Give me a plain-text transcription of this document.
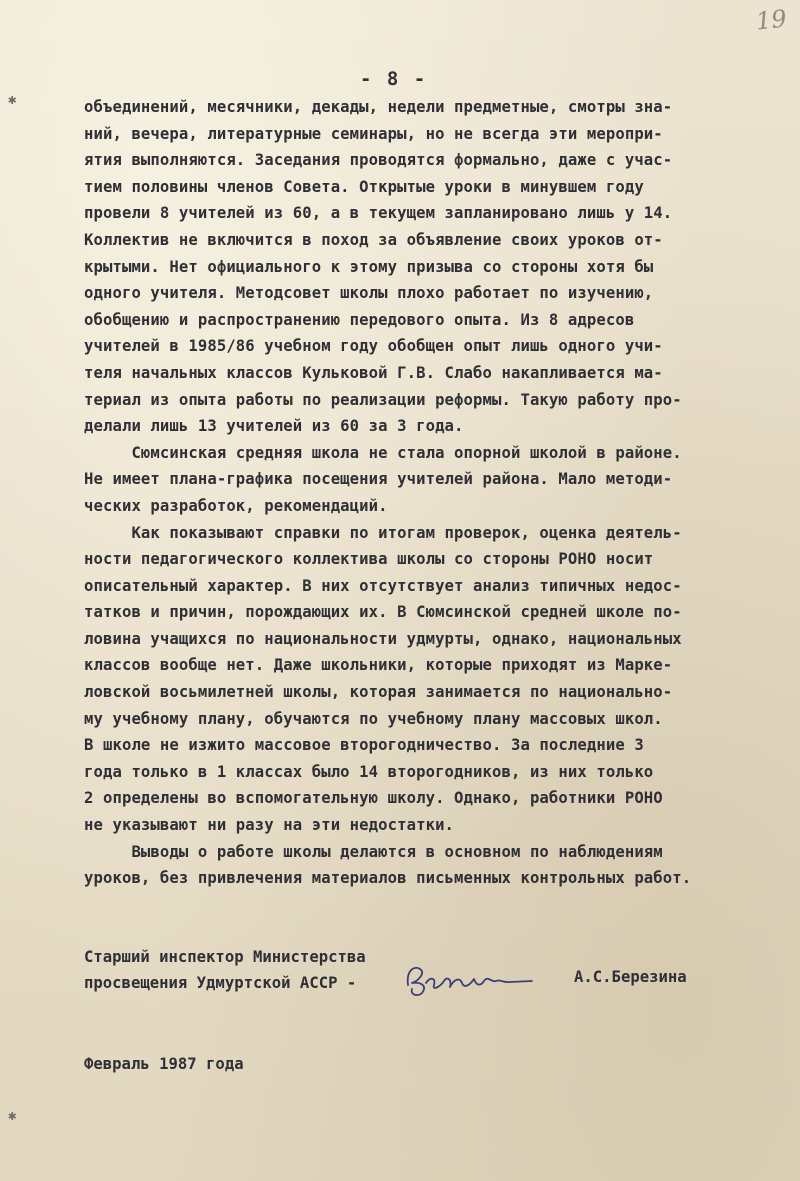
✱
✱
19
- 8 -
объединений, месячники, декады, недели предметные, смотры зна-
ний, вечера, литературные семинары, но не всегда эти меропри-
ятия выполняются. Заседания проводятся формально, даже с учас-
тием половины членов Совета. Открытые уроки в минувшем году
провели 8 учителей из 60, а в текущем запланировано лишь у 14.
Коллектив не включится в поход за объявление своих уроков от-
крытыми. Нет официального к этому призыва со стороны хотя бы
одного учителя. Методсовет школы плохо работает по изучению,
обобщению и распространению передового опыта. Из 8 адресов
учителей в 1985/86 учебном году обобщен опыт лишь одного учи-
теля начальных классов Кульковой Г.В. Слабо накапливается ма-
териал из опыта работы по реализации реформы. Такую работу про-
делали лишь 13 учителей из 60 за 3 года.
Сюмсинская средняя школа не стала опорной школой в районе.
Не имеет плана-графика посещения учителей района. Мало методи-
ческих разработок, рекомендаций.
Как показывают справки по итогам проверок, оценка деятель-
ности педагогического коллектива школы со стороны РОНО носит
описательный характер. В них отсутствует анализ типичных недос-
татков и причин, порождающих их. В Сюмсинской средней школе по-
ловина учащихся по национальности удмурты, однако, национальных
классов вообще нет. Даже школьники, которые приходят из Марке-
ловской восьмилетней школы, которая занимается по национально-
му учебному плану, обучаются по учебному плану массовых школ.
В школе не изжито массовое второгодничество. За последние 3
года только в 1 классах было 14 второгодников, из них только
2 определены во вспомогательную школу. Однако, работники РОНО
не указывают ни разу на эти недостатки.
Выводы о работе школы делаются в основном по наблюдениям
уроков, без привлечения материалов письменных контрольных работ.
Старший инспектор Министерства
просвещения Удмуртской АССР -	А.С.Березина
Февраль 1987 года
